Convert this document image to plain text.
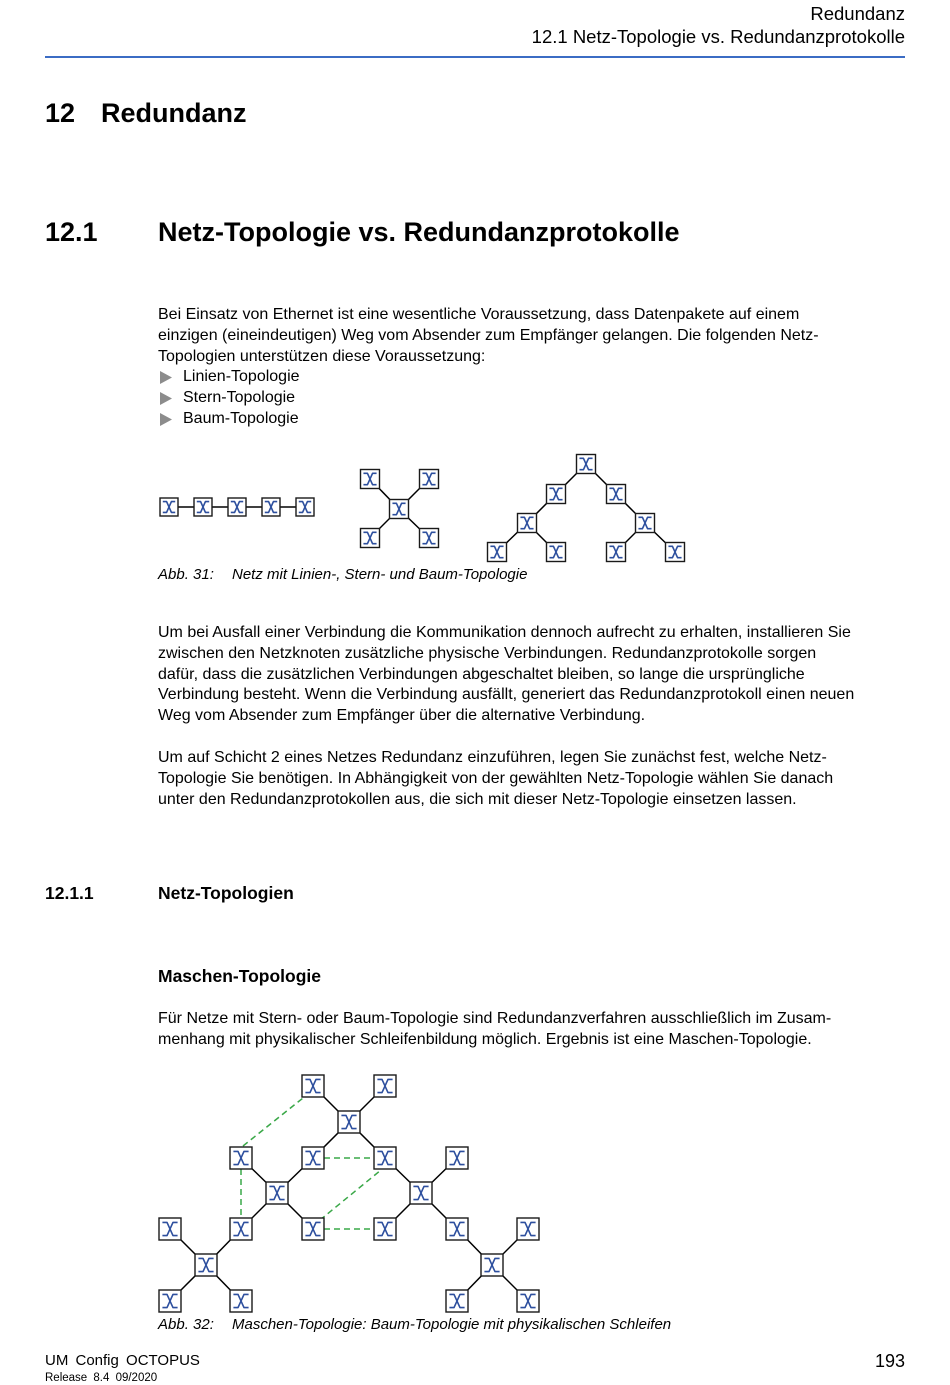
Redundanz
12.1 Netz-Topologie vs. Redundanzprotokolle
12 Redundanz
12.1 Netz-Topologie vs. Redundanzprotokolle
Bei Einsatz von Ethernet ist eine wesentliche Voraussetzung, dass Datenpakete auf einem
einzigen (eineindeutigen) Weg vom Absender zum Empfänger gelangen. Die folgenden Netz-
Topologien unterstützen diese Voraussetzung:
Linien-Topologie
Stern-Topologie
Baum-Topologie
Abb. 31: Netz mit Linien-, Stern- und Baum-Topologie
Um bei Ausfall einer Verbindung die Kommunikation dennoch aufrecht zu erhalten, installieren Sie
zwischen den Netzknoten zusätzliche physische Verbindungen. Redundanzprotokolle sorgen
dafür, dass die zusätzlichen Verbindungen abgeschaltet bleiben, so lange die ursprüngliche
Verbindung besteht. Wenn die Verbindung ausfällt, generiert das Redundanzprotokoll einen neuen
Weg vom Absender zum Empfänger über die alternative Verbindung.
Um auf Schicht 2 eines Netzes Redundanz einzuführen, legen Sie zunächst fest, welche Netz-
Topologie Sie benötigen. In Abhängigkeit von der gewählten Netz-Topologie wählen Sie danach
unter den Redundanzprotokollen aus, die sich mit dieser Netz-Topologie einsetzen lassen.
12.1.1	Netz-Topologien
Maschen-Topologie
Für Netze mit Stern- oder Baum-Topologie sind Redundanzverfahren ausschließlich im Zusam-
menhang mit physikalischer Schleifenbildung möglich. Ergebnis ist eine Maschen-Topologie.
Abb. 32: Maschen-Topologie: Baum-Topologie mit physikalischen Schleifen
UM Config OCTOPUS
Release 8.4 09/2020
193
